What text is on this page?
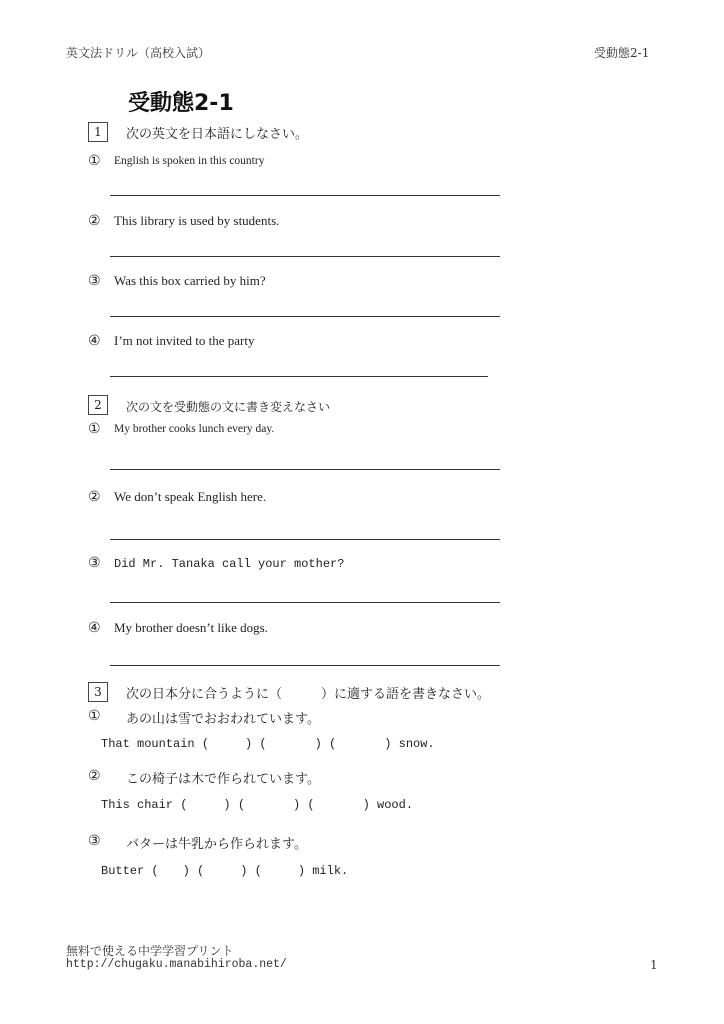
英文法ドリル（高校入試）	受動態2-1
受動態2-1
1	次の英文を日本語にしなさい。
① English is spoken in this country
② This library is used by students.
③ Was this box carried by him?
④ I’m not invited to the party
2	次の文を受動態の文に書き変えなさい
① My brother cooks lunch every day.
② We don’t speak English here.
③ Did Mr. Tanaka call your mother?
④ My brother doesn’t like dogs.
3	次の日本分に合うように（　　　）に適する語を書きなさい。
① あの山は雪でおおわれています。
That mountain (　　　) (　　　　) (　　　　) snow.
② この椅子は木で作られています。
This chair (　　　) (　　　　) (　　　　) wood.
③ バターは牛乳から作られます。
Butter (　　) (　　　) (　　　) milk.
無料で使える中学学習プリント
http://chugaku.manabihiroba.net/	1
